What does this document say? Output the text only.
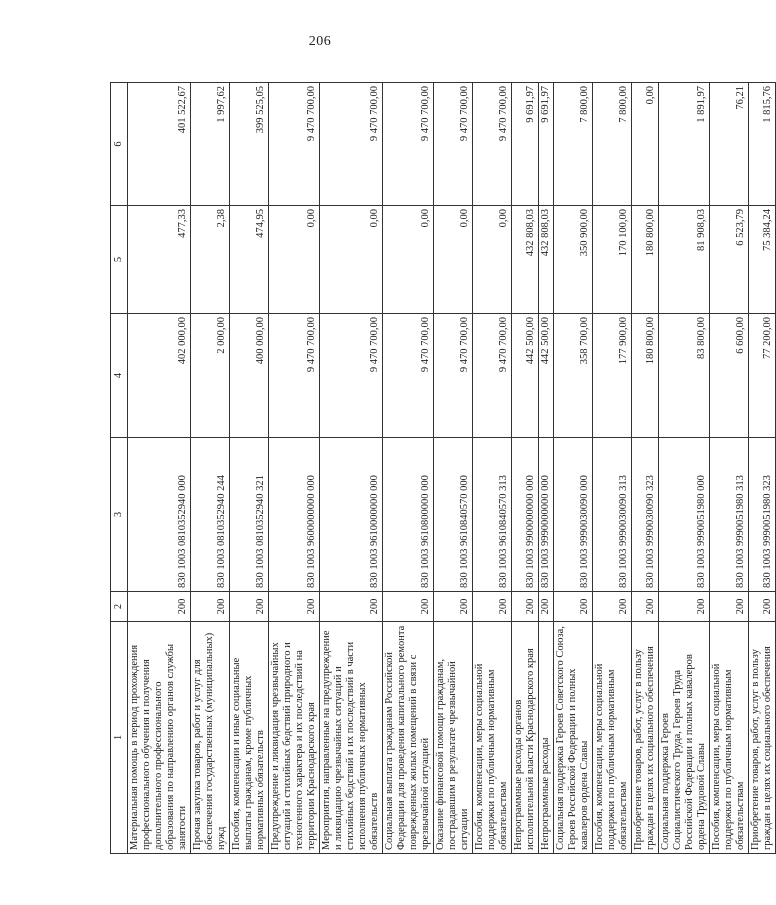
206
1	2	3	4	5	6
Материальная помощь в период прохождения профессионального обучения и получения дополнительного профессионального образования по направлению органов службы занятости	200	830 1003 0810352940 000	402 000,00	477,33	401 522,67
Прочая закупка товаров, работ и услуг для обеспечения государственных (муниципальных) нужд	200	830 1003 0810352940 244	2 000,00	2,38	1 997,62
Пособия, компенсации и иные социальные выплаты гражданам, кроме публичных нормативных обязательств	200	830 1003 0810352940 321	400 000,00	474,95	399 525,05
Предупреждение и ликвидация чрезвычайных ситуаций и стихийных бедствий природного и техногенного характера и их последствий на территории Краснодарского края	200	830 1003 9600000000 000	9 470 700,00	0,00	9 470 700,00
Мероприятия, направленные на предупреждение и ликвидацию чрезвычайных ситуаций и стихийных бедствий и их последствий в части исполнения публичных нормативных обязательств	200	830 1003 9610000000 000	9 470 700,00	0,00	9 470 700,00
Социальная выплата гражданам Российской Федерации для проведения капитального ремонта поврежденных жилых помещений в связи с чрезвычайной ситуацией	200	830 1003 9610800000 000	9 470 700,00	0,00	9 470 700,00
Оказание финансовой помощи гражданам, пострадавшим в результате чрезвычайной ситуации	200	830 1003 9610840570 000	9 470 700,00	0,00	9 470 700,00
Пособия, компенсации, меры социальной поддержки по публичным нормативным обязательствам	200	830 1003 9610840570 313	9 470 700,00	0,00	9 470 700,00
Непрограммные расходы органов исполнительной власти Краснодарского края	200	830 1003 9900000000 000	442 500,00	432 808,03	9 691,97
Непрограммные расходы	200	830 1003 9990000000 000	442 500,00	432 808,03	9 691,97
Социальная поддержка Героев Советского Союза, Героев Российской Федерации и полных кавалеров ордена Славы	200	830 1003 9990030090 000	358 700,00	350 900,00	7 800,00
Пособия, компенсации, меры социальной поддержки по публичным нормативным обязательствам	200	830 1003 9990030090 313	177 900,00	170 100,00	7 800,00
Приобретение товаров, работ, услуг в пользу граждан в целях их социального обеспечения	200	830 1003 9990030090 323	180 800,00	180 800,00	0,00
Социальная поддержка Героев Социалистического Труда, Героев Труда Российской Федерации и полных кавалеров ордена Трудовой Славы	200	830 1003 9990051980 000	83 800,00	81 908,03	1 891,97
Пособия, компенсации, меры социальной поддержки по публичным нормативным обязательствам	200	830 1003 9990051980 313	6 600,00	6 523,79	76,21
Приобретение товаров, работ, услуг в пользу граждан в целях их социального обеспечения	200	830 1003 9990051980 323	77 200,00	75 384,24	1 815,76
